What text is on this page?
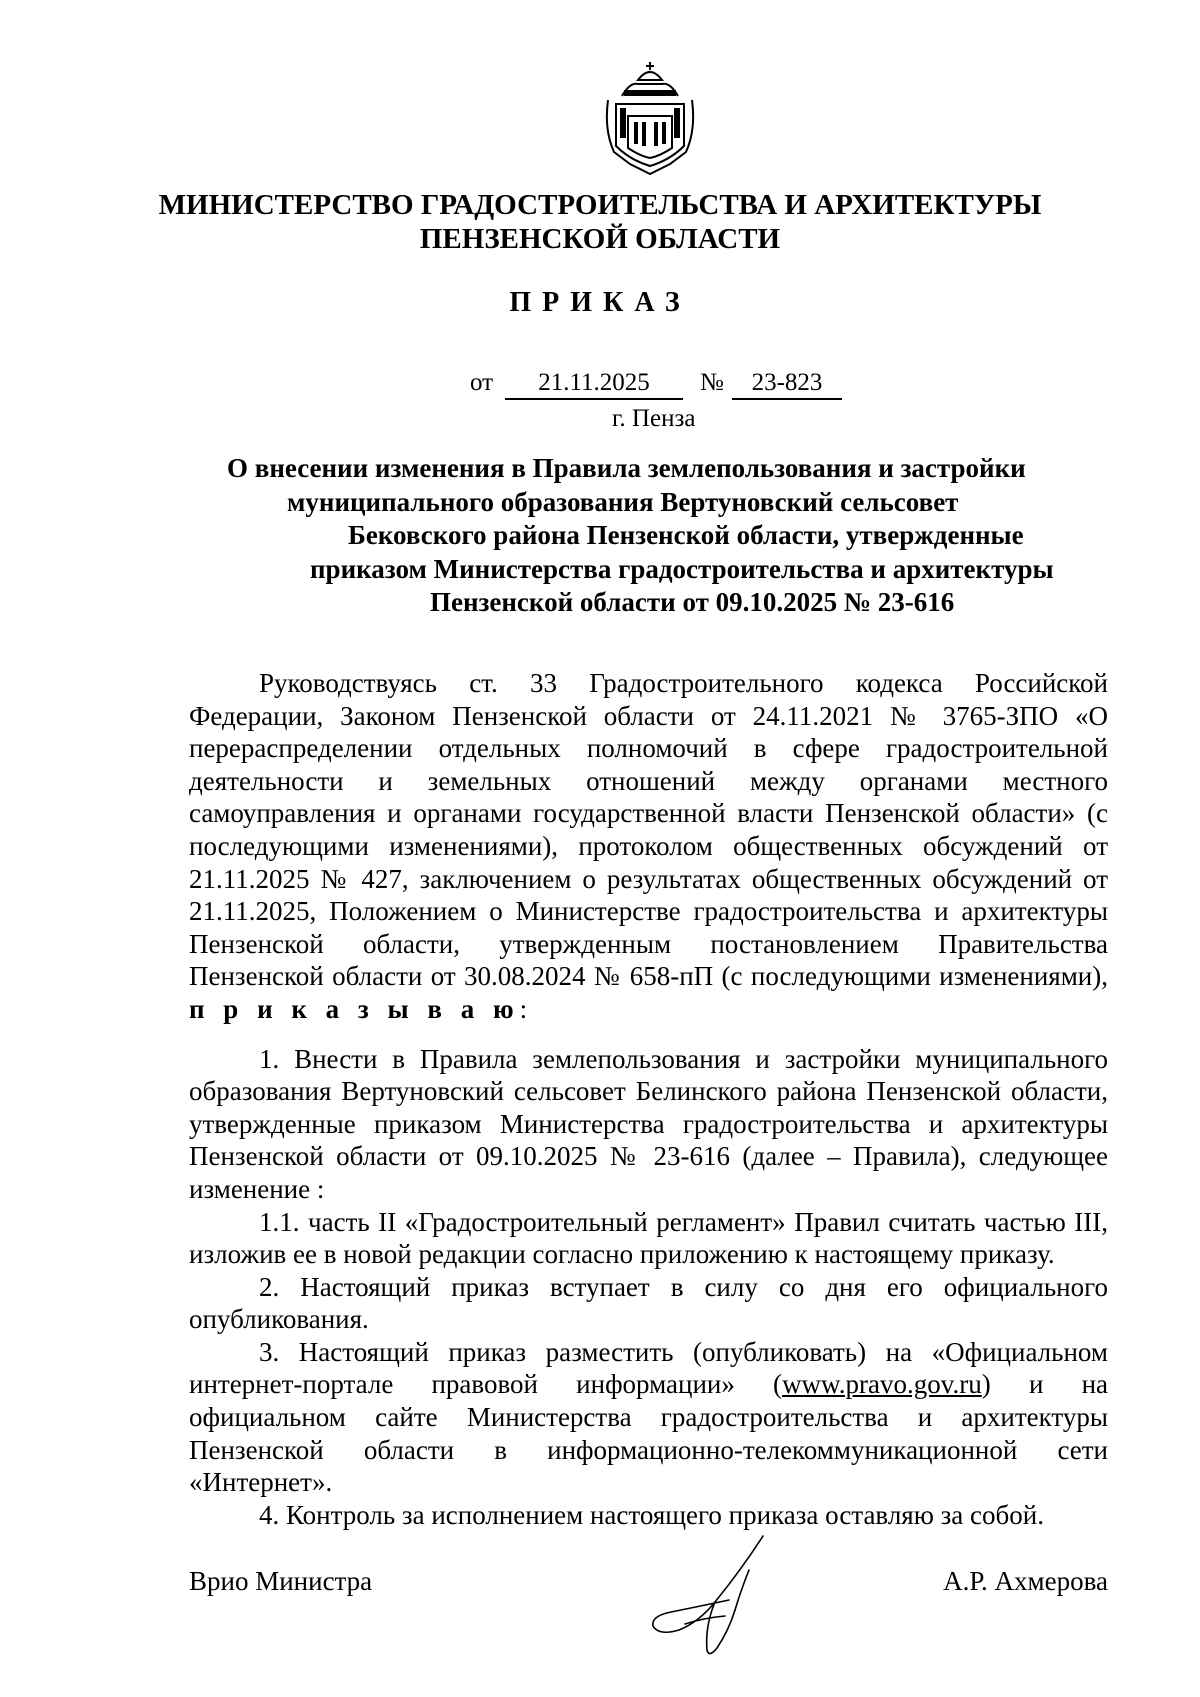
МИНИСТЕРСТВО ГРАДОСТРОИТЕЛЬСТВА И АРХИТЕКТУРЫ
ПЕНЗЕНСКОЙ ОБЛАСТИ
ПРИКАЗ
от	21.11.2025	№	23-823
г. Пенза
О внесении изменения в Правила землепользования и застройки
муниципального образования Вертуновский сельсовет
Бековского района Пензенской области, утвержденные
приказом Министерства градостроительства и архитектуры
Пензенской области от 09.10.2025 № 23-616

Руководствуясь ст. 33 Градостроительного кодекса Российской Федерации, Законом Пензенской области от 24.11.2021 № 3765-ЗПО «О перераспределении отдельных полномочий в сфере градостроительной деятельности и земельных отношений между органами местного самоуправления и органами государственной власти Пензенской области» (с последующими изменениями), протоколом общественных обсуждений от 21.11.2025 № 427, заключением о результатах общественных обсуждений от 21.11.2025, Положением о Министерстве градостроительства и архитектуры Пензенской области, утвержденным постановлением Правительства Пензенской области от 30.08.2024 № 658-пП (с последующими изменениями), п р и к а з ы в а ю:

1. Внести в Правила землепользования и застройки муниципального образования Вертуновский сельсовет Белинского района Пензенской области, утвержденные приказом Министерства градостроительства и архитектуры Пензенской области от 09.10.2025 № 23-616 (далее – Правила), следующее изменение :

1.1. часть II «Градостроительный регламент» Правил считать частью III, изложив ее в новой редакции согласно приложению к настоящему приказу.

2. Настоящий приказ вступает в силу со дня его официального опубликования.

3. Настоящий приказ разместить (опубликовать) на «Официальном интернет-портале правовой информации» (www.pravo.gov.ru) и на официальном сайте Министерства градостроительства и архитектуры Пензенской области в информационно-телекоммуникационной сети «Интернет».

4. Контроль за исполнением настоящего приказа оставляю за собой.

Врио Министра	А.Р. Ахмерова
